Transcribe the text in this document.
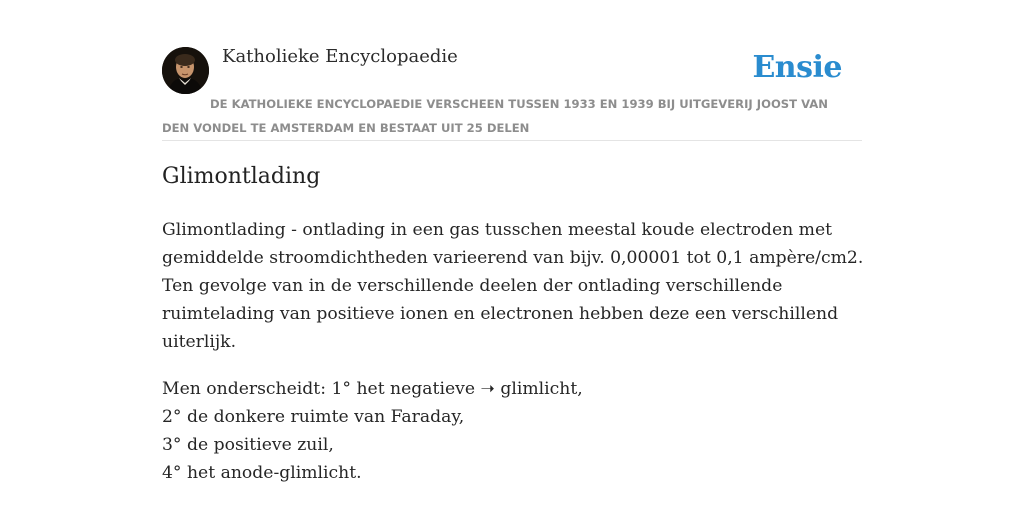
Katholieke Encyclopaedie	Ensie
DE KATHOLIEKE ENCYCLOPAEDIE VERSCHEEN TUSSEN 1933 EN 1939 BIJ UITGEVERIJ JOOST VAN
DEN VONDEL TE AMSTERDAM EN BESTAAT UIT 25 DELEN
Glimontlading

Glimontlading - ontlading in een gas tusschen meestal koude electroden met
gemiddelde stroomdichtheden varieerend van bijv. 0,00001 tot 0,1 ampère/cm2.
Ten gevolge van in de verschillende deelen der ontlading verschillende
ruimtelading van positieve ionen en electronen hebben deze een verschillend
uiterlijk.

Men onderscheidt: 1° het negatieve ➝ glimlicht,
2° de donkere ruimte van Faraday,
3° de positieve zuil,
4° het anode-glimlicht.
